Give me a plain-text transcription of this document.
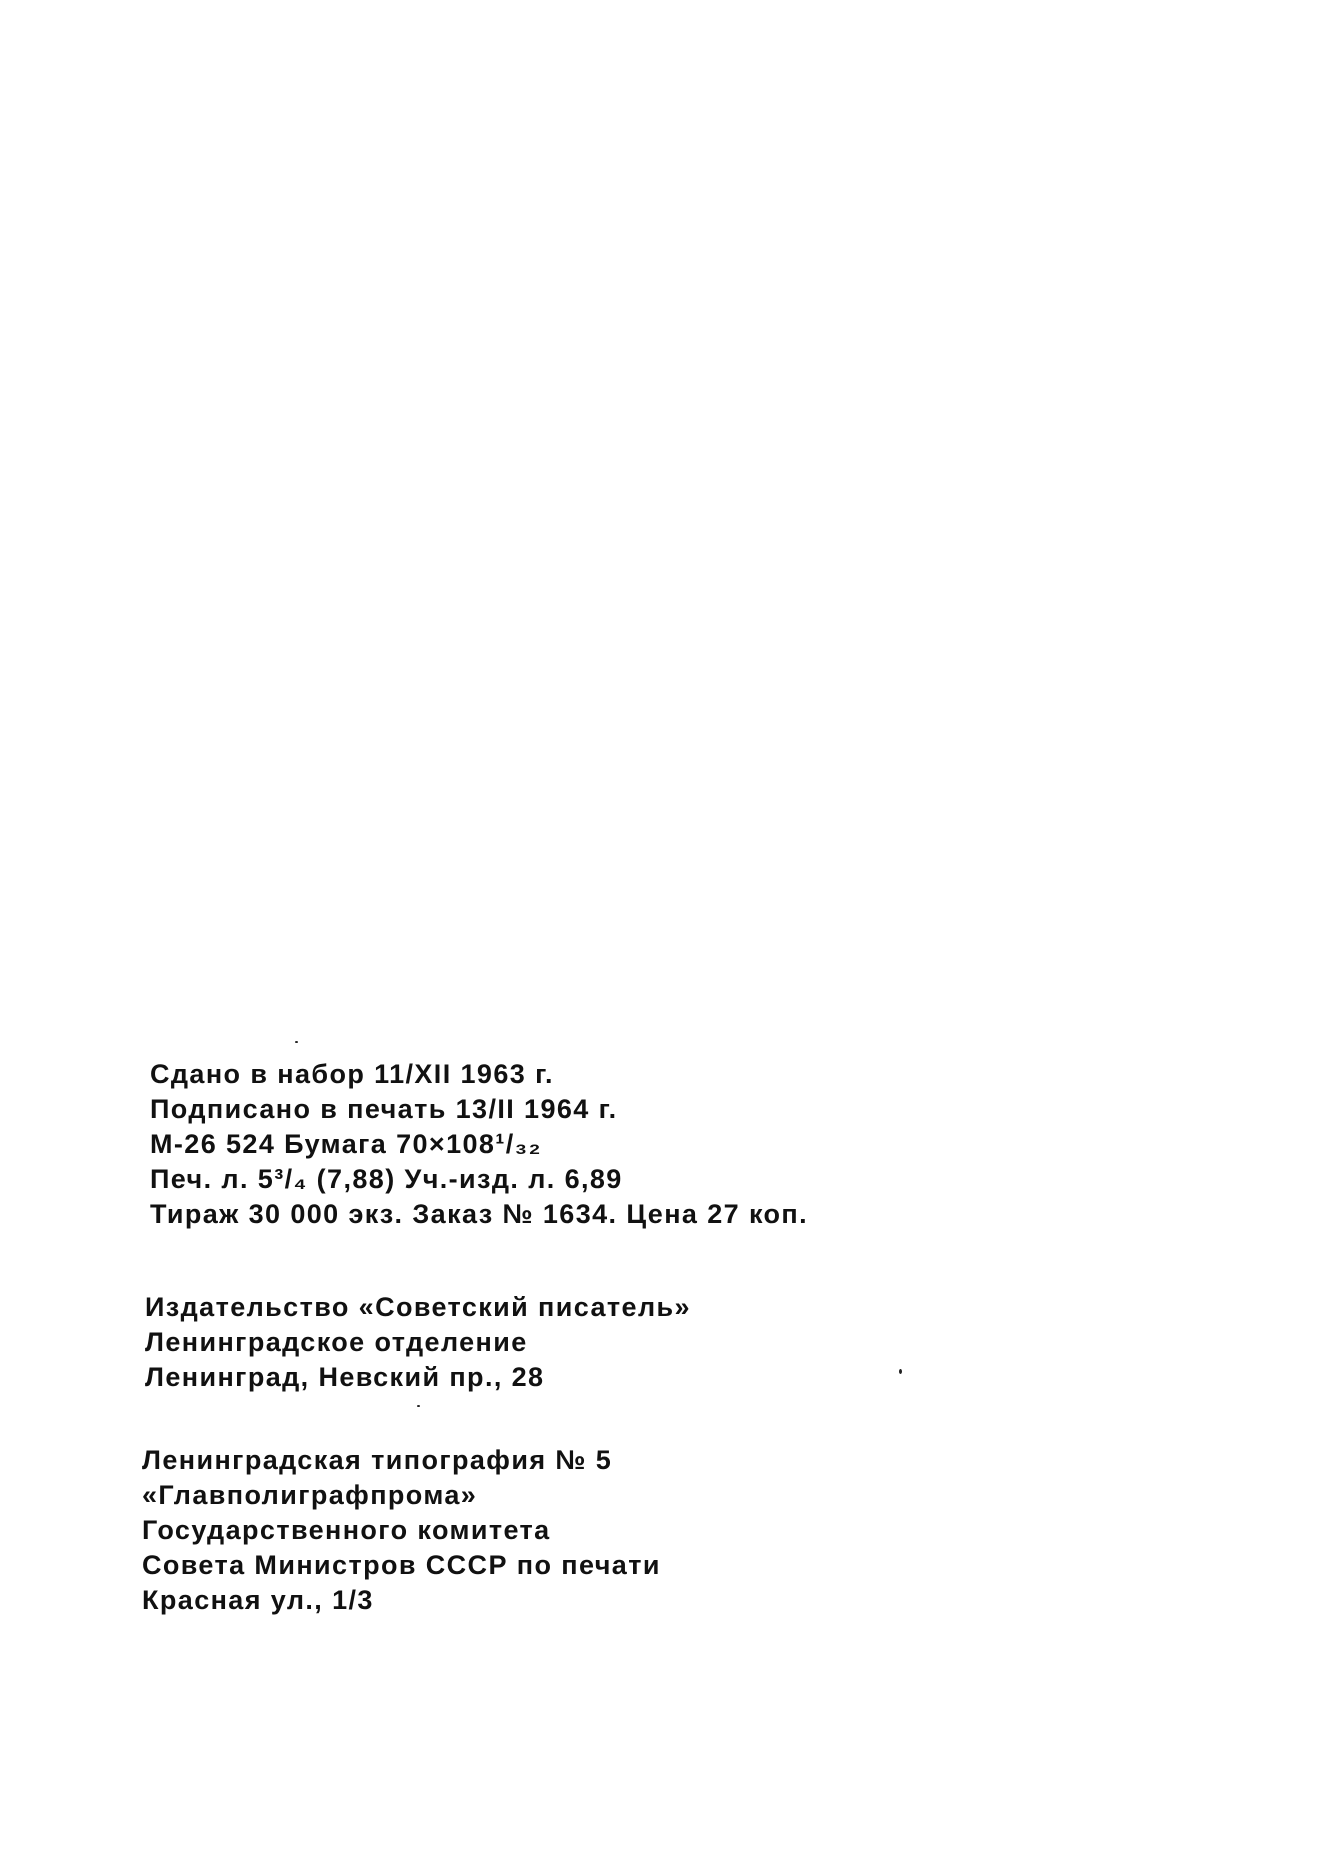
Сдано в набор 11/XII 1963 г.
Подписано в печать 13/II 1964 г.
М-26 524 Бумага 70×108¹/₃₂
Печ. л. 5³/₄ (7,88) Уч.-изд. л. 6,89
Тираж 30 000 экз. Заказ № 1634. Цена 27 коп.
Издательство «Советский писатель»
Ленинградское отделение
Ленинград, Невский пр., 28
Ленинградская типография № 5
«Главполиграфпрома»
Государственного комитета
Совета Министров СССР по печати
Красная ул., 1/3
